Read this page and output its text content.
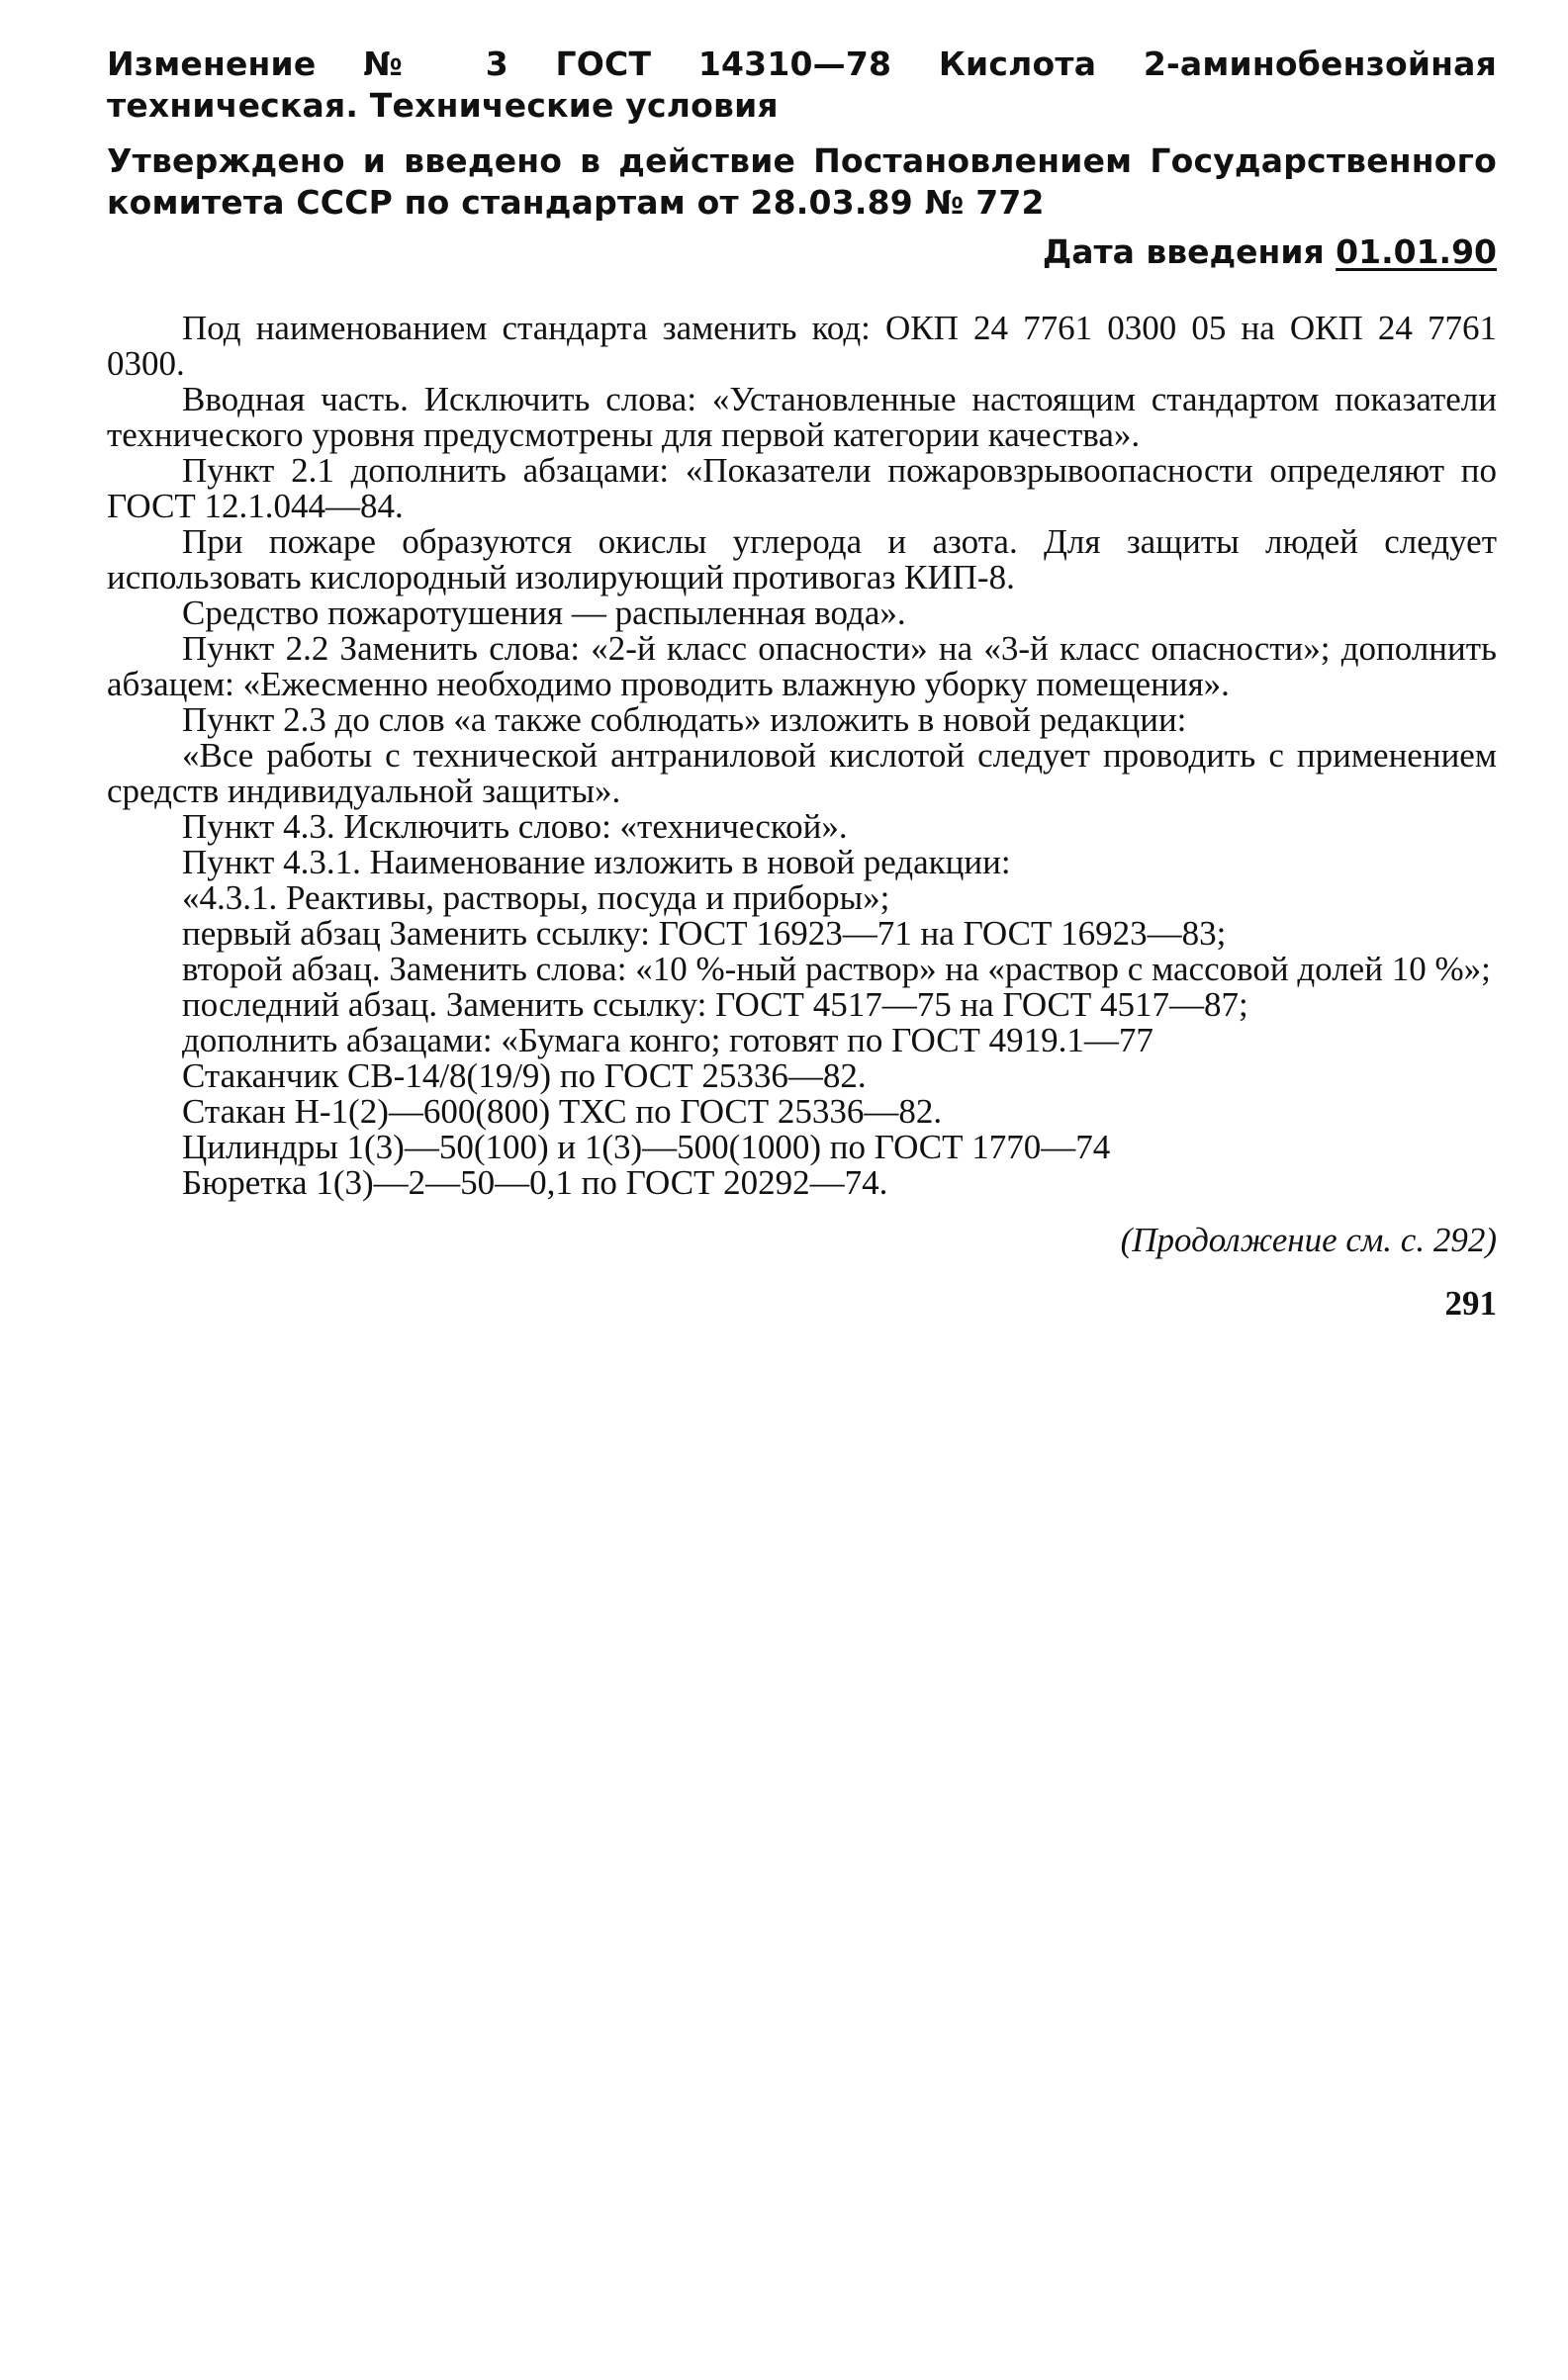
Изменение № 3 ГОСТ 14310—78 Кислота 2-аминобензойная техническая. Технические условия
Утверждено и введено в действие Постановлением Государственного комитета СССР по стандартам от 28.03.89 № 772
Дата введения 01.01.90

Под наименованием стандарта заменить код: ОКП 24 7761 0300 05 на ОКП 24 7761 0300.

Вводная часть. Исключить слова: «Установленные настоящим стандартом показатели технического уровня предусмотрены для первой категории качества».

Пункт 2.1 дополнить абзацами: «Показатели пожаровзрывоопасности определяют по ГОСТ 12.1.044—84.

При пожаре образуются окислы углерода и азота. Для защиты людей следует использовать кислородный изолирующий противогаз КИП-8.

Средство пожаротушения — распыленная вода».

Пункт 2.2 Заменить слова: «2-й класс опасности» на «3-й класс опасности»; дополнить абзацем: «Ежесменно необходимо проводить влажную уборку помещения».

Пункт 2.3 до слов «а также соблюдать» изложить в новой редакции:

«Все работы с технической антраниловой кислотой следует проводить с применением средств индивидуальной защиты».

Пункт 4.3. Исключить слово: «технической».

Пункт 4.3.1. Наименование изложить в новой редакции:

«4.3.1. Реактивы, растворы, посуда и приборы»;

первый абзац Заменить ссылку: ГОСТ 16923—71 на ГОСТ 16923—83;

второй абзац. Заменить слова: «10 %-ный раствор» на «раствор с массовой долей 10 %»;

последний абзац. Заменить ссылку: ГОСТ 4517—75 на ГОСТ 4517—87;

дополнить абзацами: «Бумага конго; готовят по ГОСТ 4919.1—77

Стаканчик СВ-14/8(19/9) по ГОСТ 25336—82.

Стакан Н-1(2)—600(800) ТХС по ГОСТ 25336—82.

Цилиндры 1(3)—50(100) и 1(3)—500(1000) по ГОСТ 1770—74

Бюретка 1(3)—2—50—0,1 по ГОСТ 20292—74.

(Продолжение см. с. 292)

291
